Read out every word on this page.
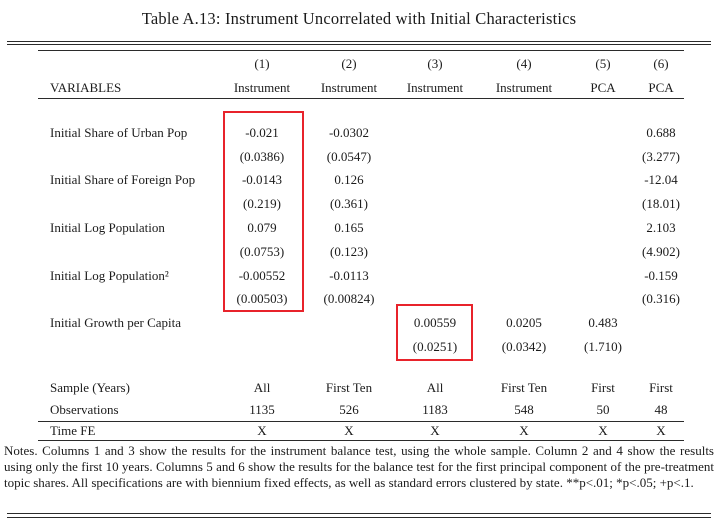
Table A.13: Instrument Uncorrelated with Initial Characteristics
	(1)	(2)	(3)	(4)	(5)	(6)
VARIABLES	Instrument	Instrument	Instrument	Instrument	PCA	PCA

Initial Share of Urban Pop	-0.021	-0.0302				0.688
	(0.0386)	(0.0547)				(3.277)
Initial Share of Foreign Pop	-0.0143	0.126				-12.04
	(0.219)	(0.361)				(18.01)
Initial Log Population	0.079	0.165				2.103
	(0.0753)	(0.123)				(4.902)
Initial Log Population²	-0.00552	-0.0113				-0.159
	(0.00503)	(0.00824)				(0.316)
Initial Growth per Capita			0.00559	0.0205	0.483	
			(0.0251)	(0.0342)	(1.710)	

Sample (Years)	All	First Ten	All	First Ten	First	First
Observations	1135	526	1183	548	50	48
Time FE	X	X	X	X	X	X
Notes. Columns 1 and 3 show the results for the instrument balance test, using the whole sample. Column 2 and 4 show the results using only the first 10 years. Columns 5 and 6 show the results for the balance test for the first principal component of the pre-treatment topic shares. All specifications are with biennium fixed effects, as well as standard errors clustered by state. **p<.01; *p<.05; +p<.1.
